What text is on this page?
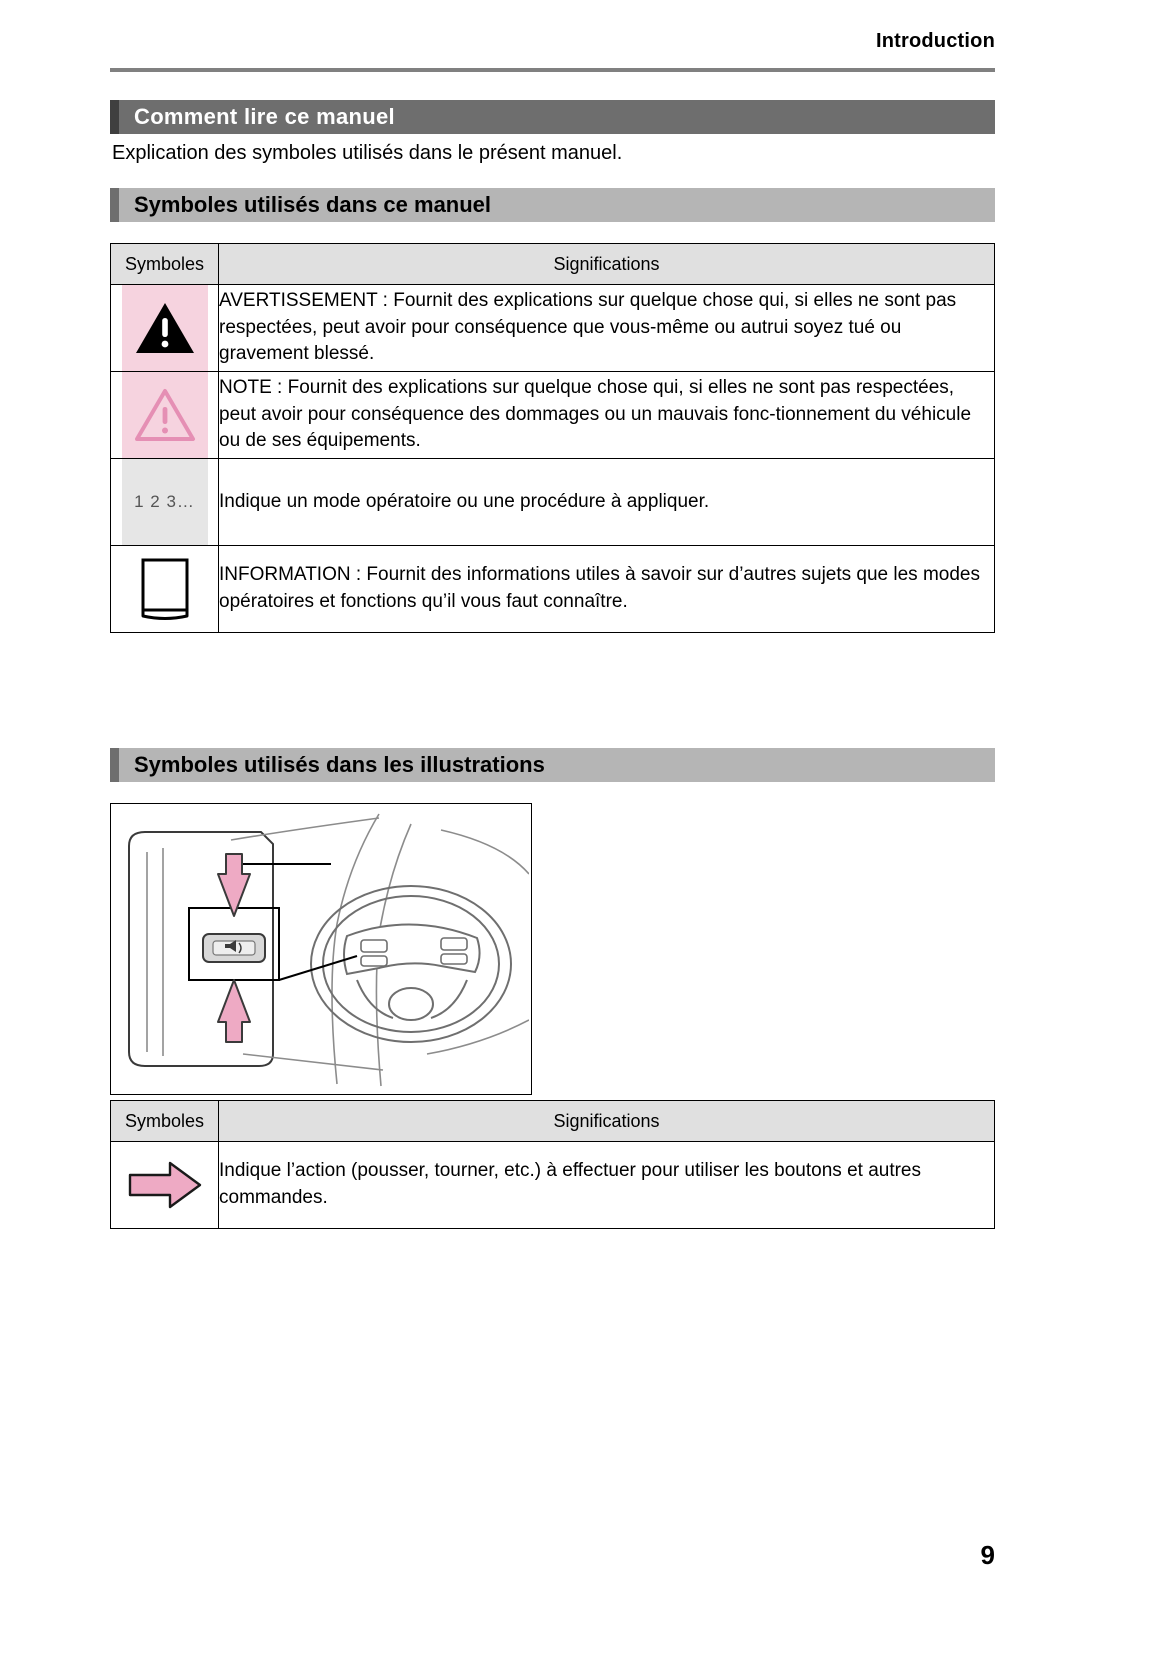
Introduction
Comment lire ce manuel
Explication des symboles utilisés dans le présent manuel.
Symboles utilisés dans ce manuel
Symboles	Significations

	AVERTISSEMENT : Fournit des explications sur quelque chose qui, si elles ne sont pas respectées, peut avoir pour conséquence que vous-même ou autrui soyez tué ou gravement blessé.

	NOTE : Fournit des explications sur quelque chose qui, si elles ne sont pas respectées, peut avoir pour conséquence des dommages ou un mauvais fonc-tionnement du véhicule ou de ses équipements.

1 2 3…	Indique un mode opératoire ou une procédure à appliquer.

	INFORMATION : Fournit des informations utiles à savoir sur d’autres sujets que les modes opératoires et fonctions qu’il vous faut connaître.
Symboles utilisés dans les illustrations
Symboles	Significations

	Indique l’action (pousser, tourner, etc.) à effectuer pour utiliser les boutons et autres commandes.
9
